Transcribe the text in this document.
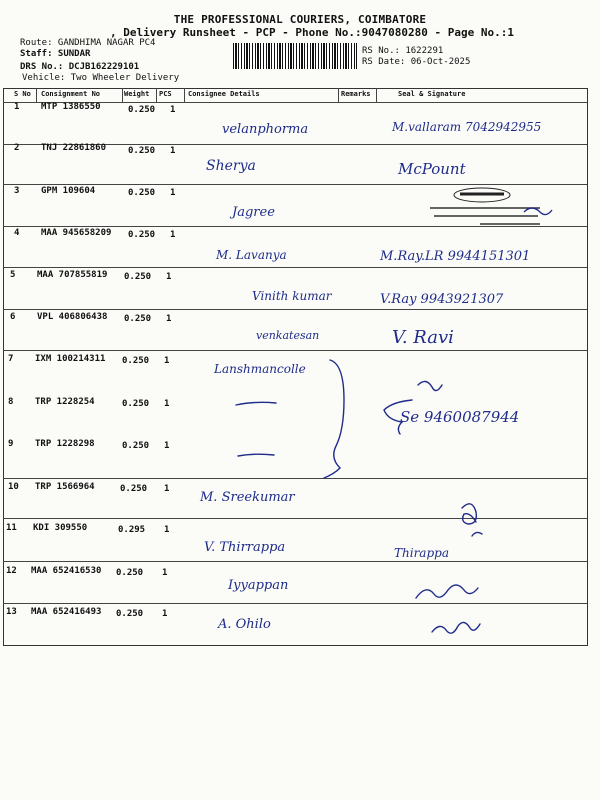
THE PROFESSIONAL COURIERS, COIMBATORE
, Delivery Runsheet - PCP - Phone No.:9047080280 - Page No.:1
Route: GANDHIMA NAGAR PC4
Staff: SUNDAR
DRS No.: DCJB162229101
Vehicle: Two Wheeler Delivery
RS No.: 1622291
RS Date: 06-Oct-2025
S No Consignment No	Weight PCS Consignee Details	Remarks	Seal & Signature
1 MTP 1386550	0.250 1
velanphorma	M.vallaram 7042942955
2 TNJ 22861860 0.250 1
Sherya	McPount
3 GPM 109604	0.250 1
Jagree
4 MAA 945658209 0.250 1
M. Lavanya	M.Ray.LR 9944151301
5 MAA 707855819 0.250 1
Vinith kumar	V.Ray 9943921307
6 VPL 406806438 0.250 1
venkatesan	V. Ravi
7 IXM 100214311 0.250 1
Lanshmancolle
8 TRP 1228254	0.250 1
Se 9460087944
9 TRP 1228298	0.250 1
10 TRP 1566964	0.250 1
M. Sreekumar
11 KDI 309550	0.295 1
V. Thirrappa	Thirappa
12 MAA 652416530 0.250 1
Iyyappan
13 MAA 652416493 0.250 1
A. Ohilo
